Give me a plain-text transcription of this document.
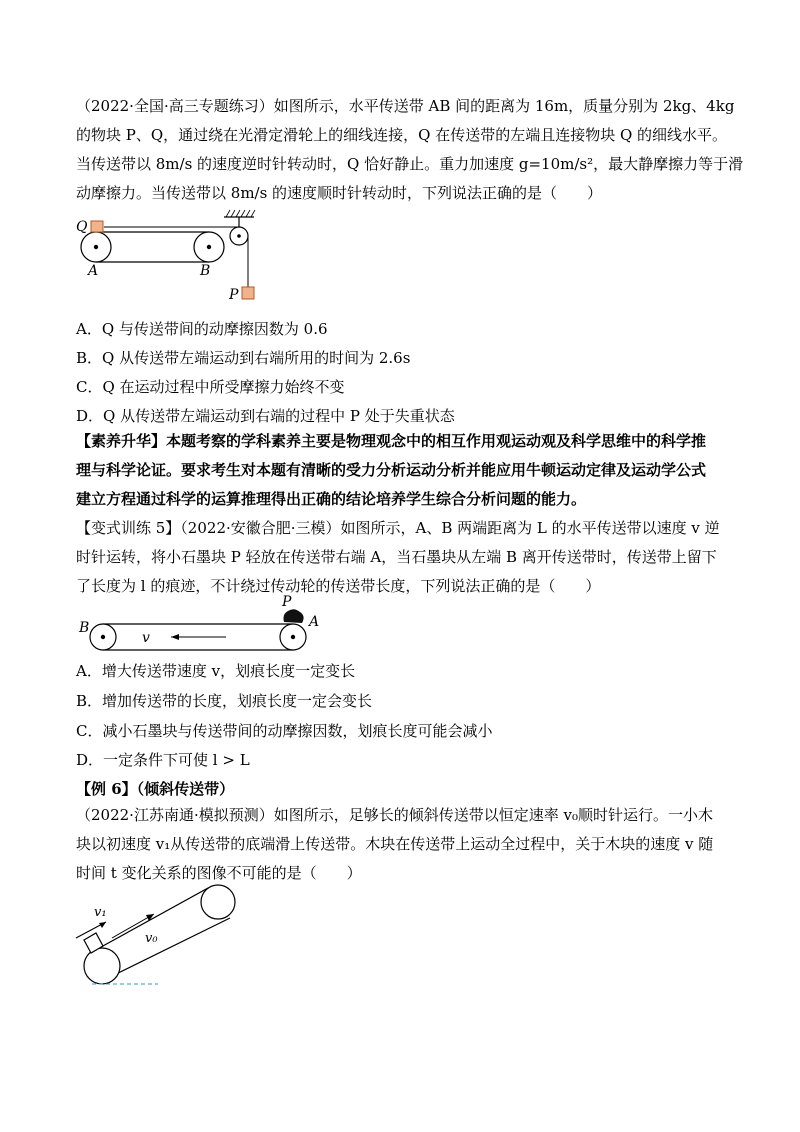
（2022·全国·高三专题练习）如图所示，水平传送带 AB 间的距离为 16m，质量分别为 2kg、4kg
的物块 P、Q，通过绕在光滑定滑轮上的细线连接，Q 在传送带的左端且连接物块 Q 的细线水平。
当传送带以 8m/s 的速度逆时针转动时，Q 恰好静止。重力加速度 g=10m/s²，最大静摩擦力等于滑
动摩擦力。当传送带以 8m/s 的速度顺时针转动时，下列说法正确的是（　　）
Q
A	B
P

A．Q 与传送带间的动摩擦因数为 0.6

B．Q 从传送带左端运动到右端所用的时间为 2.6s

C．Q 在运动过程中所受摩擦力始终不变

D．Q 从传送带左端运动到右端的过程中 P 处于失重状态

【素养升华】本题考察的学科素养主要是物理观念中的相互作用观运动观及科学思维中的科学推
理与科学论证。要求考生对本题有清晰的受力分析运动分析并能应用牛顿运动定律及运动学公式
建立方程通过科学的运算推理得出正确的结论培养学生综合分析问题的能力。
【变式训练 5】（2022·安徽合肥·三模）如图所示，A、B 两端距离为 L 的水平传送带以速度 v 逆
时针运转，将小石墨块 P 轻放在传送带右端 A，当石墨块从左端 B 离开传送带时，传送带上留下
了长度为 l 的痕迹，不计绕过传动轮的传送带长度，下列说法正确的是（　　）
v
B
P
A

A．增大传送带速度 v，划痕长度一定变长

B．增加传送带的长度，划痕长度一定会变长

C．减小石墨块与传送带间的动摩擦因数，划痕长度可能会减小

D．一定条件下可使 l > L

【例 6】（倾斜传送带）

（2022·江苏南通·模拟预测）如图所示，足够长的倾斜传送带以恒定速率 v₀顺时针运行。一小木
块以初速度 v₁从传送带的底端滑上传送带。木块在传送带上运动全过程中，关于木块的速度 v 随
时间 t 变化关系的图像不可能的是（　　）
v₁
v₀
